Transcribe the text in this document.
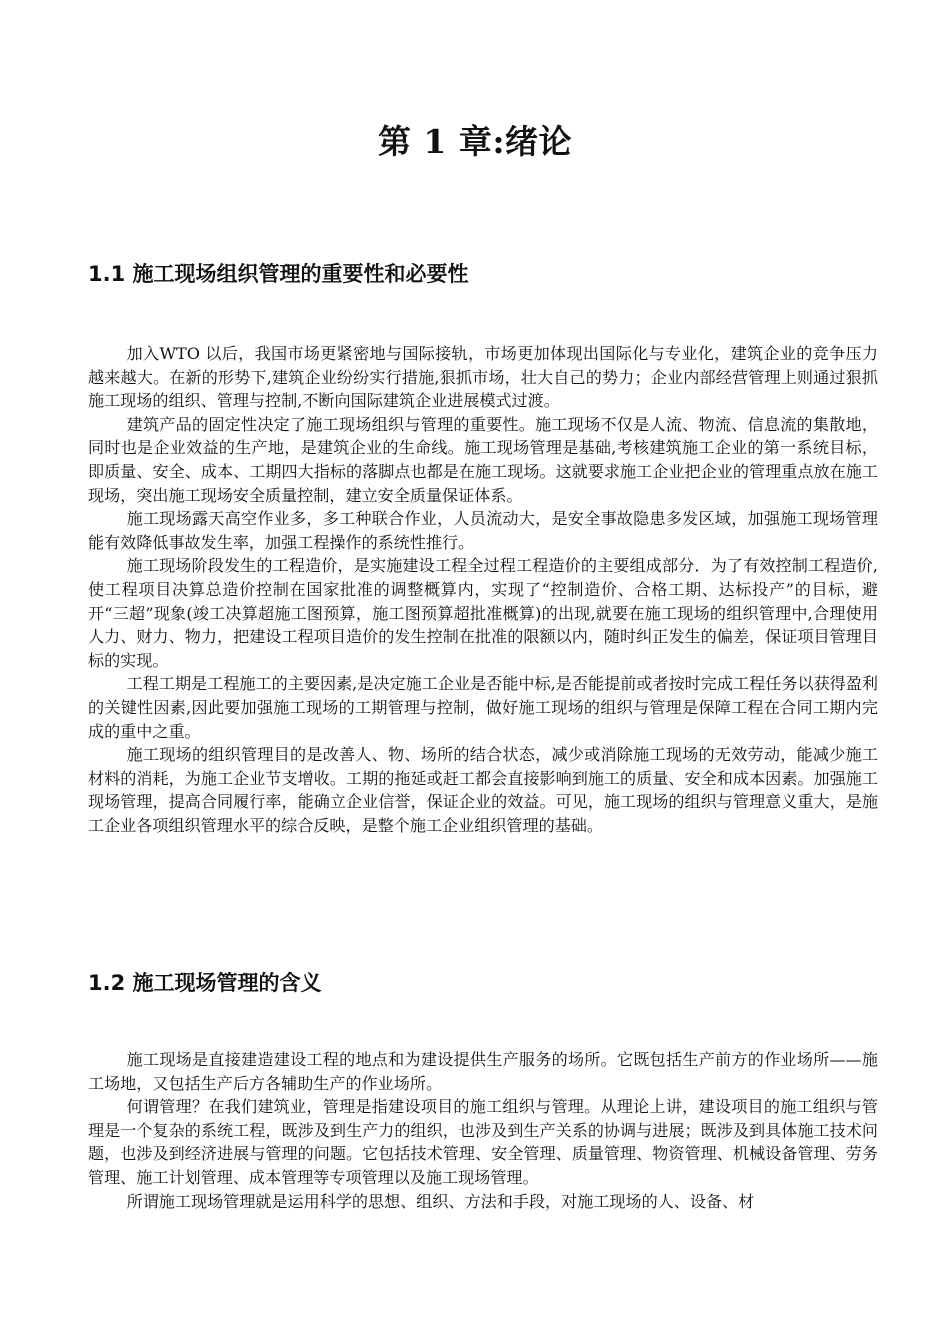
第 1 章:绪论
1.1 施工现场组织管理的重要性和必要性

加入WTO 以后，我国市场更紧密地与国际接轨，市场更加体现出国际化与专业化，建筑企业的竞争压力越来越大。在新的形势下,建筑企业纷纷实行措施,狠抓市场，壮大自己的势力；企业内部经营管理上则通过狠抓施工现场的组织、管理与控制,不断向国际建筑企业进展模式过渡。

建筑产品的固定性决定了施工现场组织与管理的重要性。施工现场不仅是人流、物流、信息流的集散地，同时也是企业效益的生产地，是建筑企业的生命线。施工现场管理是基础,考核建筑施工企业的第一系统目标，即质量、安全、成本、工期四大指标的落脚点也都是在施工现场。这就要求施工企业把企业的管理重点放在施工现场，突出施工现场安全质量控制，建立安全质量保证体系。

施工现场露天高空作业多，多工种联合作业，人员流动大，是安全事故隐患多发区域，加强施工现场管理能有效降低事故发生率，加强工程操作的系统性推行。

施工现场阶段发生的工程造价，是实施建设工程全过程工程造价的主要组成部分．为了有效控制工程造价,使工程项目决算总造价控制在国家批准的调整概算内，实现了“控制造价、合格工期、达标投产”的目标，避开“三超”现象(竣工决算超施工图预算，施工图预算超批准概算)的出现,就要在施工现场的组织管理中,合理使用人力、财力、物力，把建设工程项目造价的发生控制在批准的限额以内，随时纠正发生的偏差，保证项目管理目标的实现。

工程工期是工程施工的主要因素,是决定施工企业是否能中标,是否能提前或者按时完成工程任务以获得盈利的关键性因素,因此要加强施工现场的工期管理与控制，做好施工现场的组织与管理是保障工程在合同工期内完成的重中之重。

施工现场的组织管理目的是改善人、物、场所的结合状态，减少或消除施工现场的无效劳动，能减少施工材料的消耗，为施工企业节支增收。工期的拖延或赶工都会直接影响到施工的质量、安全和成本因素。加强施工现场管理，提高合同履行率，能确立企业信誉，保证企业的效益。可见，施工现场的组织与管理意义重大，是施工企业各项组织管理水平的综合反映，是整个施工企业组织管理的基础。

1.2 施工现场管理的含义

施工现场是直接建造建设工程的地点和为建设提供生产服务的场所。它既包括生产前方的作业场所——施工场地，又包括生产后方各辅助生产的作业场所。

何谓管理？在我们建筑业，管理是指建设项目的施工组织与管理。从理论上讲，建设项目的施工组织与管理是一个复杂的系统工程，既涉及到生产力的组织，也涉及到生产关系的协调与进展；既涉及到具体施工技术问题，也涉及到经济进展与管理的问题。它包括技术管理、安全管理、质量管理、物资管理、机械设备管理、劳务管理、施工计划管理、成本管理等专项管理以及施工现场管理。

所谓施工现场管理就是运用科学的思想、组织、方法和手段，对施工现场的人、设备、材
